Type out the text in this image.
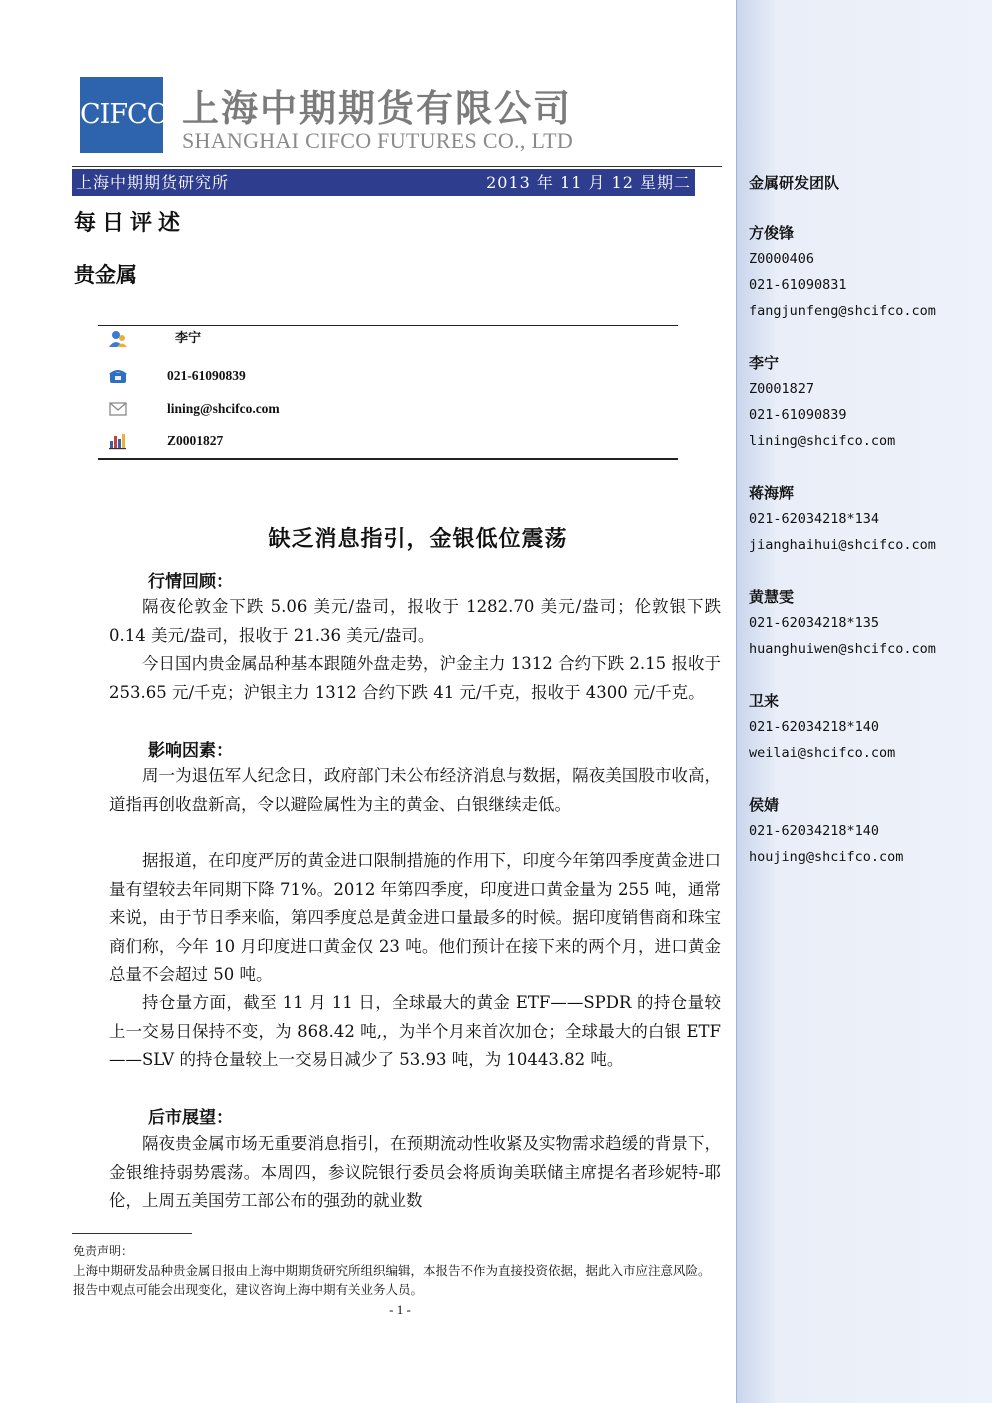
CIFCO 上海中期期货有限公司
SHANGHAI CIFCO FUTURES CO., LTD
上海中期期货研究所	2013 年 11 月 12 星期二
每日评述
贵金属
李宁
021-61090839
lining@shcifco.com
Z0001827
缺乏消息指引，金银低位震荡
行情回顾：
隔夜伦敦金下跌 5.06 美元/盎司，报收于 1282.70 美元/盎司；伦敦银下跌 0.14 美元/盎司，报收于 21.36 美元/盎司。
今日国内贵金属品种基本跟随外盘走势，沪金主力 1312 合约下跌 2.15 报收于 253.65 元/千克；沪银主力 1312 合约下跌 41 元/千克，报收于 4300 元/千克。
影响因素：
周一为退伍军人纪念日，政府部门未公布经济消息与数据，隔夜美国股市收高，道指再创收盘新高，令以避险属性为主的黄金、白银继续走低。
据报道，在印度严厉的黄金进口限制措施的作用下，印度今年第四季度黄金进口量有望较去年同期下降 71%。2012 年第四季度，印度进口黄金量为 255 吨，通常来说，由于节日季来临，第四季度总是黄金进口量最多的时候。据印度销售商和珠宝商们称，今年 10 月印度进口黄金仅 23 吨。他们预计在接下来的两个月，进口黄金总量不会超过 50 吨。
持仓量方面，截至 11 月 11 日，全球最大的黄金 ETF——SPDR 的持仓量较上一交易日保持不变，为 868.42 吨,，为半个月来首次加仓；全球最大的白银 ETF——SLV 的持仓量较上一交易日减少了 53.93 吨，为 10443.82 吨。
后市展望：
隔夜贵金属市场无重要消息指引，在预期流动性收紧及实物需求趋缓的背景下，金银维持弱势震荡。本周四，参议院银行委员会将质询美联储主席提名者珍妮特-耶伦，上周五美国劳工部公布的强劲的就业数
免责声明：
上海中期研发品种贵金属日报由上海中期期货研究所组织编辑，本报告不作为直接投资依据，据此入市应注意风险。报告中观点可能会出现变化，建议咨询上海中期有关业务人员。
- 1 -
金属研发团队
方俊锋
Z0000406
021-61090831
fangjunfeng@shcifco.com
李宁
Z0001827
021-61090839
lining@shcifco.com
蒋海辉
021-62034218*134
jianghaihui@shcifco.com
黄慧雯
021-62034218*135
huanghuiwen@shcifco.com
卫来
021-62034218*140
weilai@shcifco.com
侯婧
021-62034218*140
houjing@shcifco.com
